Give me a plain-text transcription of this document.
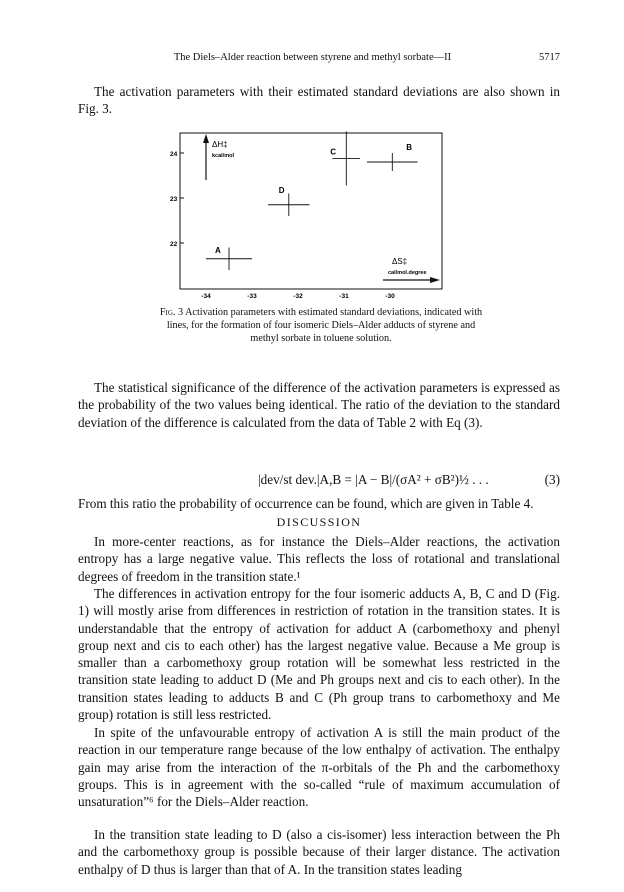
The Diels–Alder reaction between styrene and methyl sorbate—II	5717

The activation parameters with their estimated standard deviations are also shown in Fig. 3.

ΔH‡
kcal/mol
ΔS‡
cal/mol.degree
24
23
22
-34	-33	-32	-31	-30
A
B
C
D
Fig. 3 Activation parameters with estimated standard deviations, indicated with lines, for the formation of four isomeric Diels–Alder adducts of styrene and methyl sorbate in toluene solution.

The statistical significance of the difference of the activation parameters is expressed as the probability of the two values being identical. The ratio of the deviation to the standard deviation of the difference is calculated from the data of Table 2 with Eq (3).

|dev/st dev.|A,B = |A − B|/(σA² + σB²)½ . . .	(3)

From this ratio the probability of occurrence can be found, which are given in Table 4.

DISCUSSION

In more-center reactions, as for instance the Diels–Alder reactions, the activation entropy has a large negative value. This reflects the loss of rotational and translational degrees of freedom in the transition state.¹

The differences in activation entropy for the four isomeric adducts A, B, C and D (Fig. 1) will mostly arise from differences in restriction of rotation in the transition states. It is understandable that the entropy of activation for adduct A (carbomethoxy and phenyl group next and cis to each other) has the largest negative value. Because a Me group is smaller than a carbomethoxy group rotation will be somewhat less restricted in the transition state leading to adduct D (Me and Ph groups next and cis to each other). In the transition states leading to adducts B and C (Ph group trans to carbomethoxy and Me group) rotation is still less restricted.

In spite of the unfavourable entropy of activation A is still the main product of the reaction in our temperature range because of the low enthalpy of activation. The enthalpy gain may arise from the interaction of the π-orbitals of the Ph and the carbomethoxy groups. This is in agreement with the so-called “rule of maximum accumulation of unsaturation”⁶ for the Diels–Alder reaction.

In the transition state leading to D (also a cis-isomer) less interaction between the Ph and the carbomethoxy group is possible because of their larger distance. The activation enthalpy of D thus is larger than that of A. In the transition states leading
